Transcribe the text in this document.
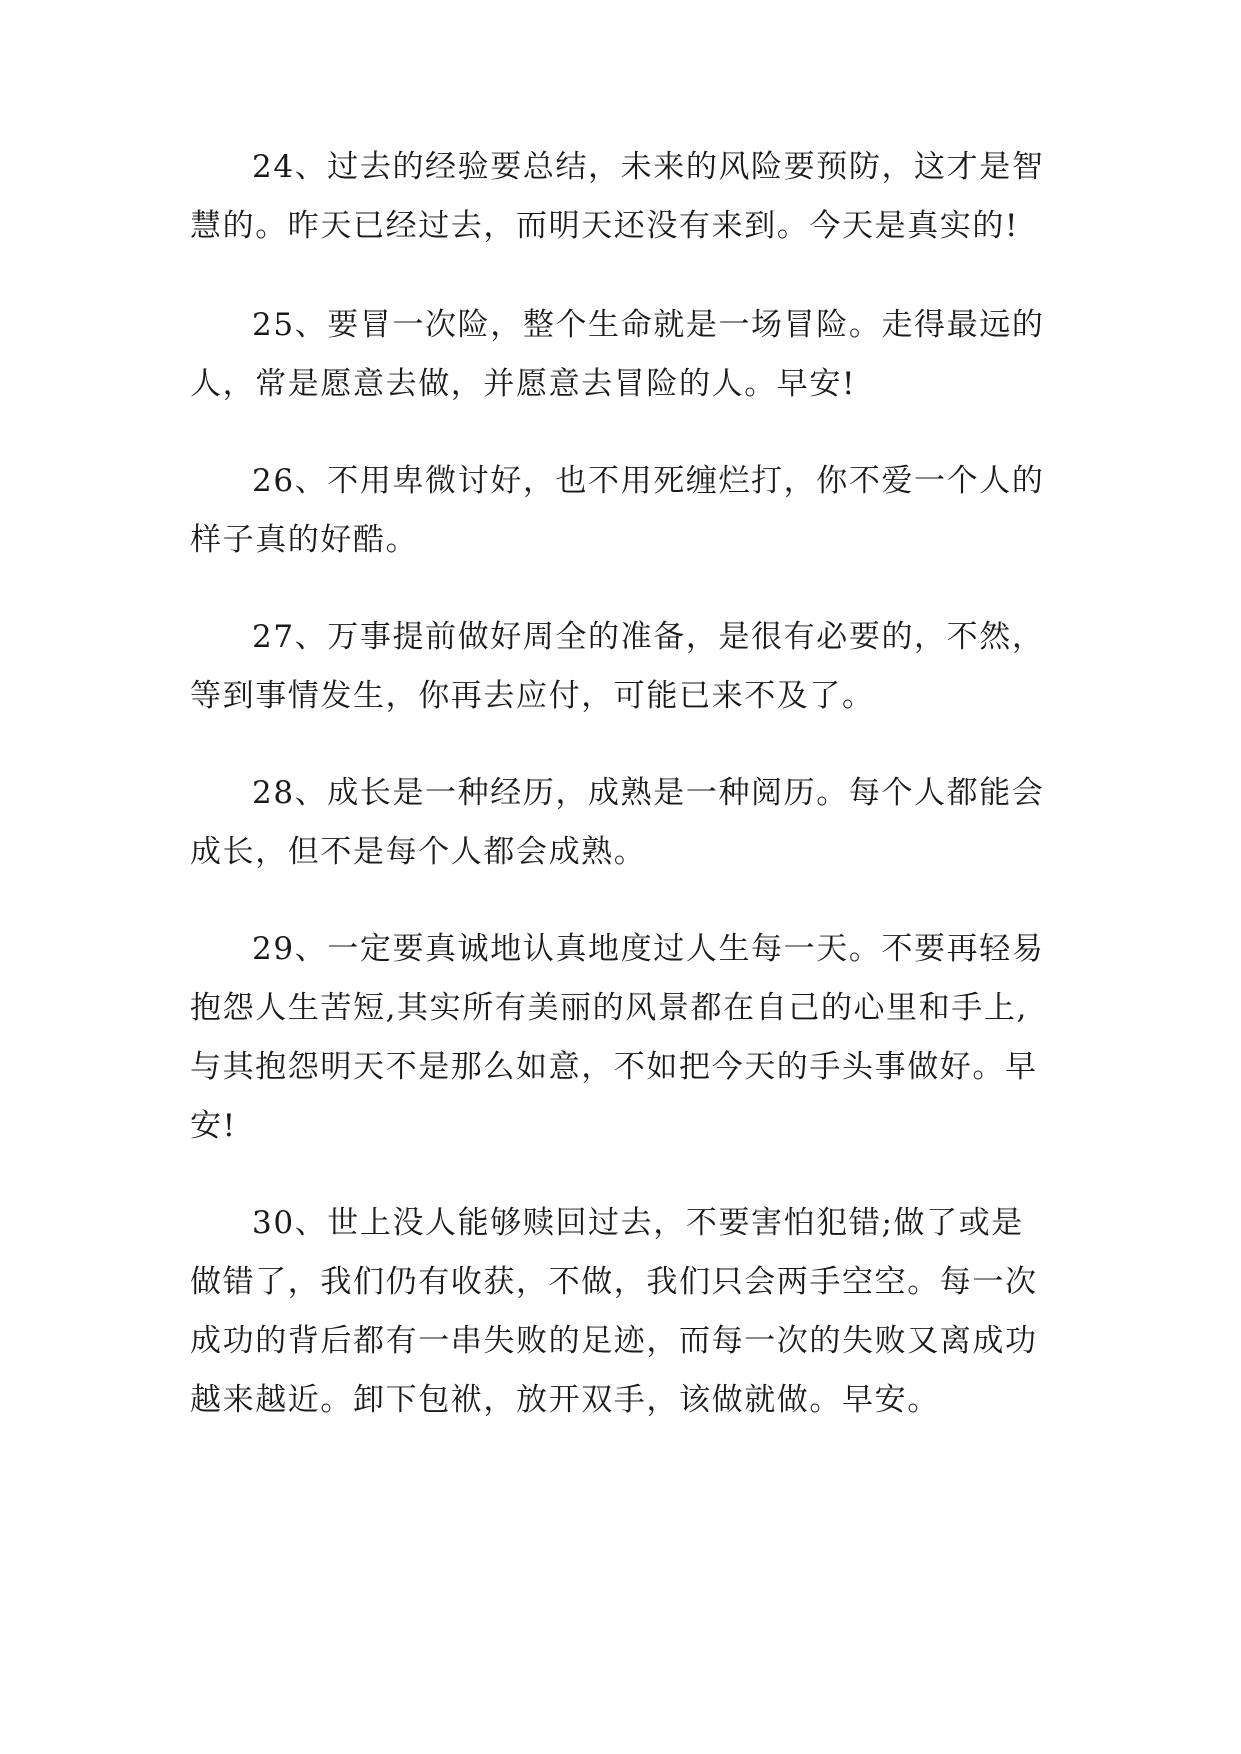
24、过去的经验要总结，未来的风险要预防，这才是智
慧的。昨天已经过去，而明天还没有来到。今天是真实的!

25、要冒一次险，整个生命就是一场冒险。走得最远的
人，常是愿意去做，并愿意去冒险的人。早安!

26、不用卑微讨好，也不用死缠烂打，你不爱一个人的
样子真的好酷。

27、万事提前做好周全的准备，是很有必要的，不然，
等到事情发生，你再去应付，可能已来不及了。

28、成长是一种经历，成熟是一种阅历。每个人都能会
成长，但不是每个人都会成熟。

29、一定要真诚地认真地度过人生每一天。不要再轻易
抱怨人生苦短,其实所有美丽的风景都在自己的心里和手上,
与其抱怨明天不是那么如意，不如把今天的手头事做好。早
安!

30、世上没人能够赎回过去，不要害怕犯错;做了或是
做错了，我们仍有收获，不做，我们只会两手空空。每一次
成功的背后都有一串失败的足迹，而每一次的失败又离成功
越来越近。卸下包袱，放开双手，该做就做。早安。
